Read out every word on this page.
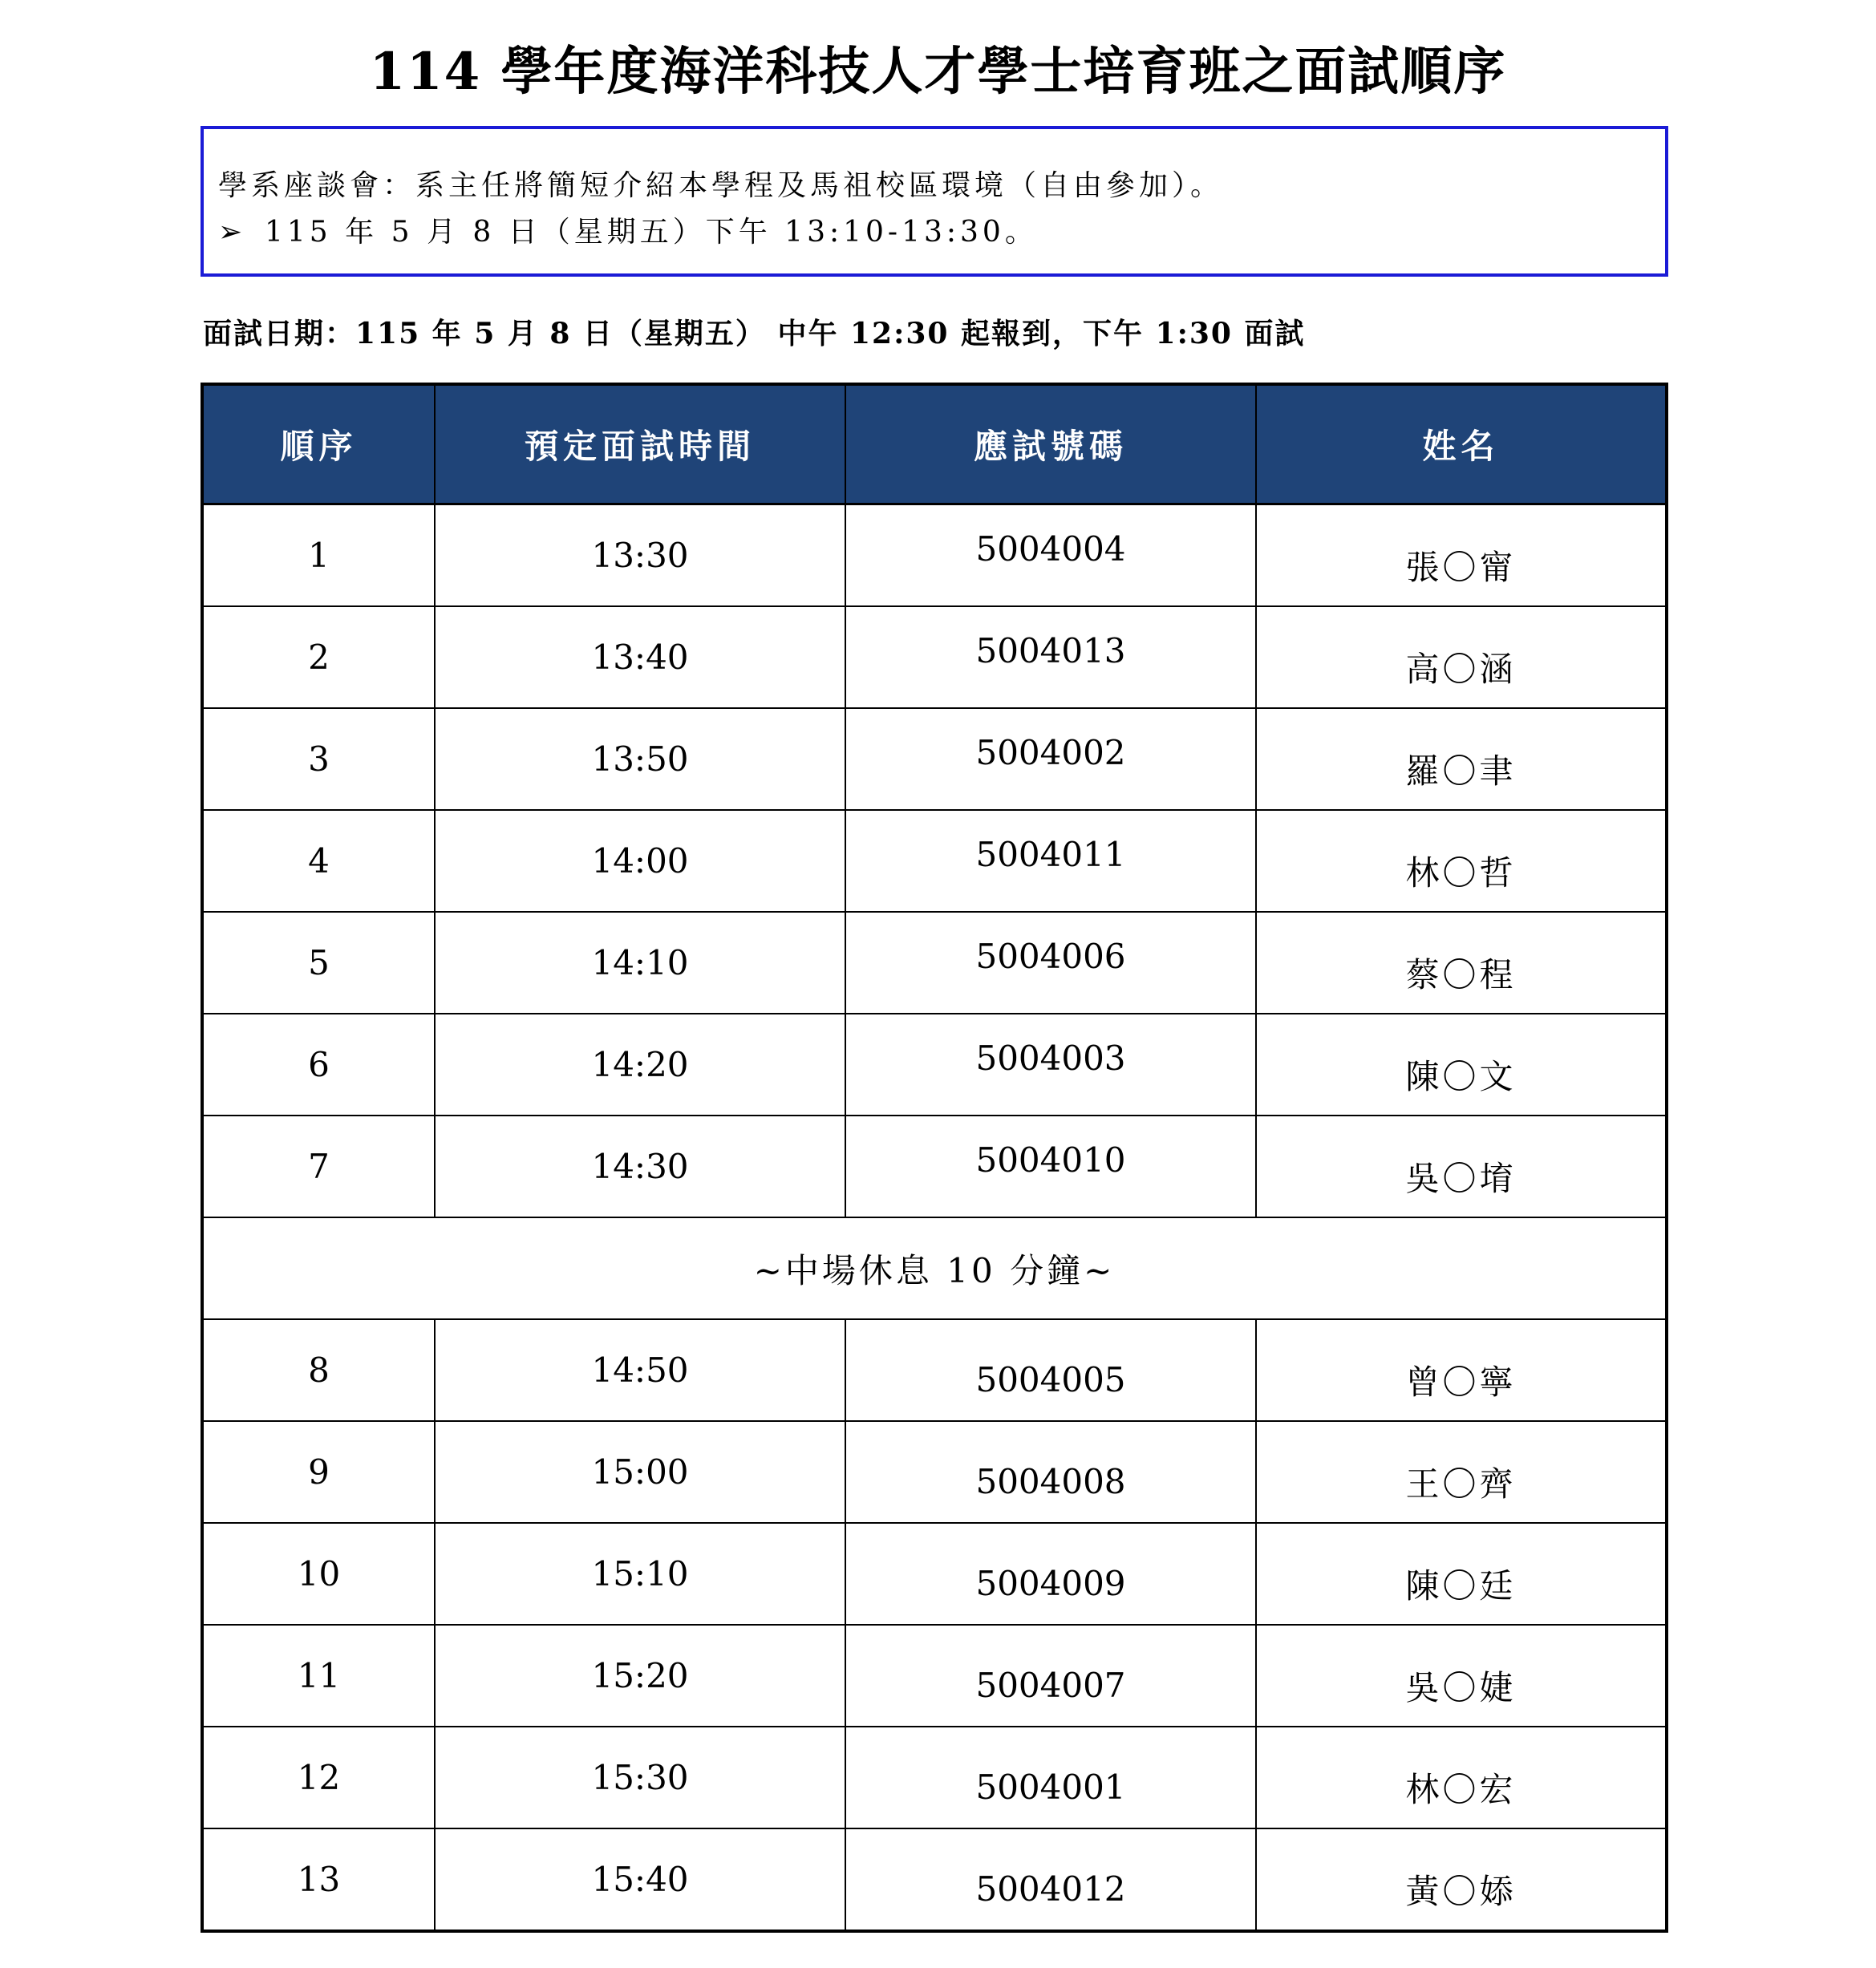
114 學年度海洋科技人才學士培育班之面試順序
學系座談會：系主任將簡短介紹本學程及馬祖校區環境（自由參加）。
➢ 115 年 5 月 8 日（星期五）下午 13:10-13:30。
面試日期：115 年 5 月 8 日（星期五） 中午 12:30 起報到，下午 1:30 面試
順序	預定面試時間	應試號碼	姓名
1	13:30	5004004	張〇甯
2	13:40	5004013	高〇涵
3	13:50	5004002	羅〇聿
4	14:00	5004011	林〇哲
5	14:10	5004006	蔡〇程
6	14:20	5004003	陳〇文
7	14:30	5004010	吳〇堉
~中場休息 10 分鐘~			
8	14:50	5004005	曾〇寧
9	15:00	5004008	王〇齊
10	15:10	5004009	陳〇廷
11	15:20	5004007	吳〇婕
12	15:30	5004001	林〇宏
13	15:40	5004012	黃〇婖
